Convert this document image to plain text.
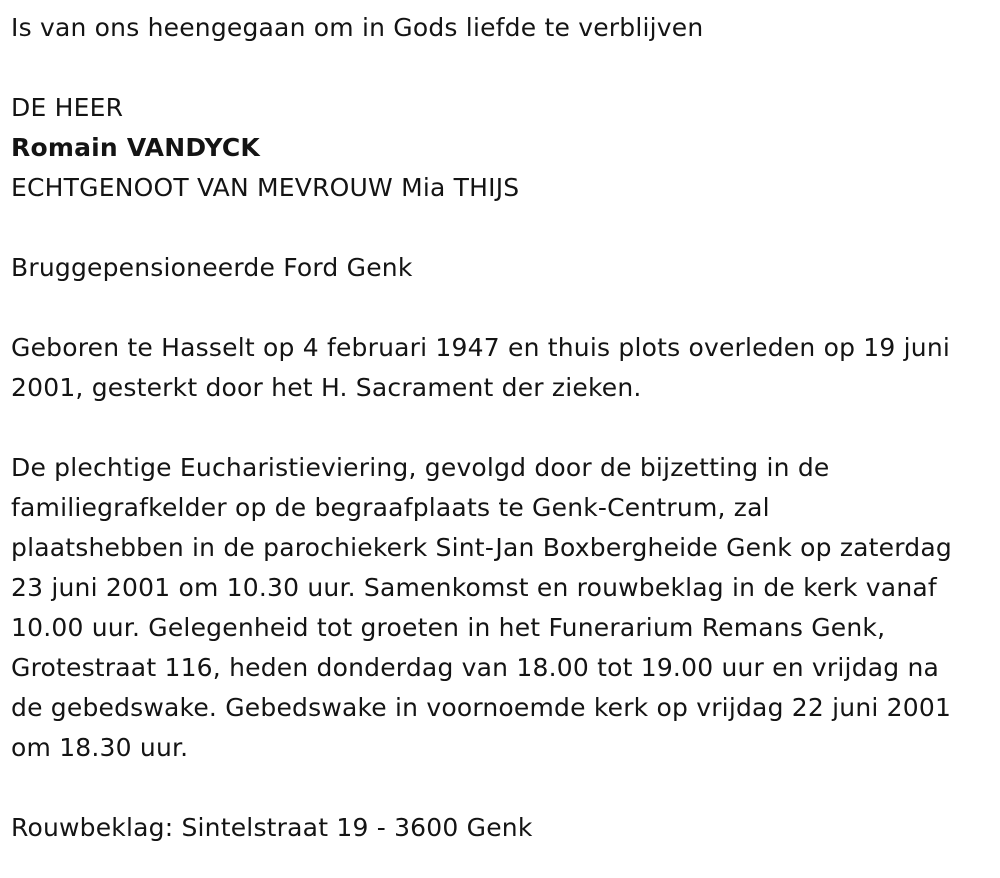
Is van ons heengegaan om in Gods liefde te verblijven
DE HEER
Romain VANDYCK
ECHTGENOOT VAN MEVROUW Mia THIJS
Bruggepensioneerde Ford Genk
Geboren te Hasselt op 4 februari 1947 en thuis plots overleden op 19 juni
2001, gesterkt door het H. Sacrament der zieken.
De plechtige Eucharistieviering, gevolgd door de bijzetting in de
familiegrafkelder op de begraafplaats te Genk-Centrum, zal
plaatshebben in de parochiekerk Sint-Jan Boxbergheide Genk op zaterdag
23 juni 2001 om 10.30 uur. Samenkomst en rouwbeklag in de kerk vanaf
10.00 uur. Gelegenheid tot groeten in het Funerarium Remans Genk,
Grotestraat 116, heden donderdag van 18.00 tot 19.00 uur en vrijdag na
de gebedswake. Gebedswake in voornoemde kerk op vrijdag 22 juni 2001
om 18.30 uur.
Rouwbeklag: Sintelstraat 19 - 3600 Genk
